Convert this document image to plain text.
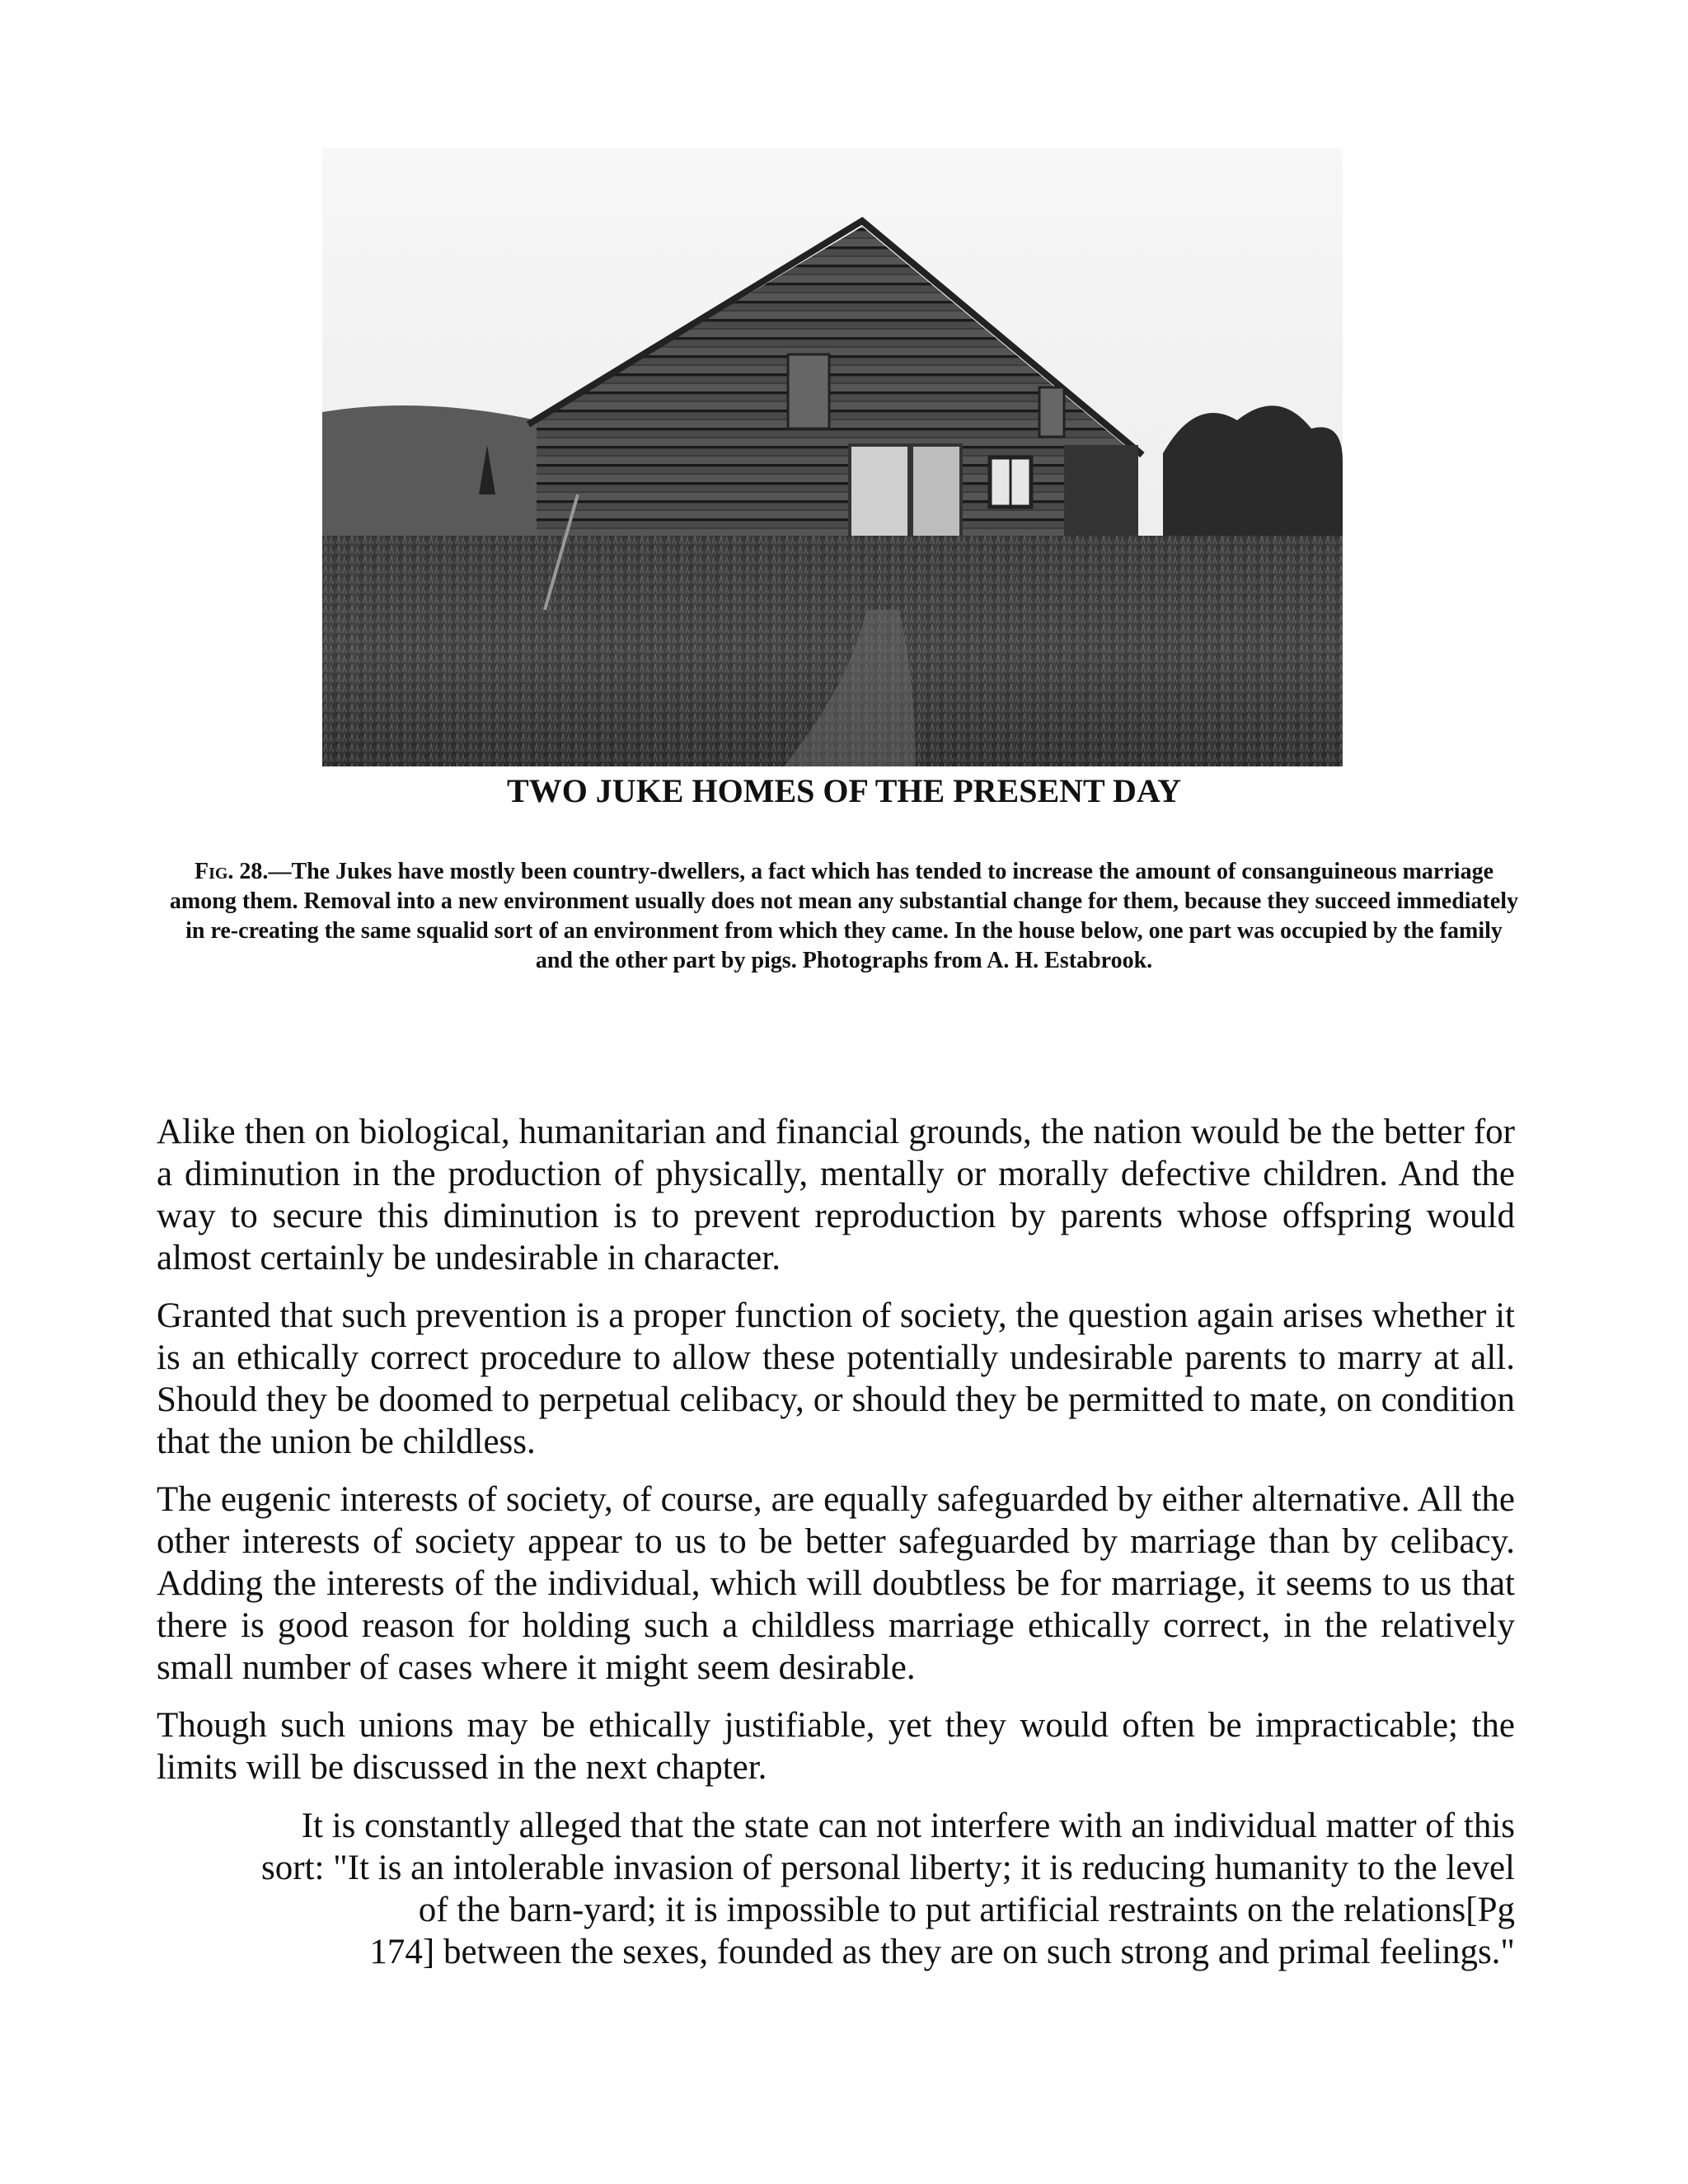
TWO JUKE HOMES OF THE PRESENT DAY

Fig. 28.—The Jukes have mostly been country-dwellers, a fact which has tended to increase the amount of consanguineous marriage among them. Removal into a new environment usually does not mean any substantial change for them, because they succeed immediately in re-creating the same squalid sort of an environment from which they came. In the house below, one part was occupied by the family and the other part by pigs. Photographs from A. H. Estabrook.

Alike then on biological, humanitarian and financial grounds, the nation would be the better for a diminution in the production of physically, mentally or morally defective children. And the way to secure this diminution is to prevent reproduction by parents whose offspring would almost certainly be undesirable in character.

Granted that such prevention is a proper function of society, the question again arises whether it is an ethically correct procedure to allow these potentially undesirable parents to marry at all. Should they be doomed to perpetual celibacy, or should they be permitted to mate, on condition that the union be childless.

The eugenic interests of society, of course, are equally safeguarded by either alternative. All the other interests of society appear to us to be better safeguarded by marriage than by celibacy. Adding the interests of the individual, which will doubtless be for marriage, it seems to us that there is good reason for holding such a childless marriage ethically correct, in the relatively small number of cases where it might seem desirable.

Though such unions may be ethically justifiable, yet they would often be impracticable; the limits will be discussed in the next chapter.

It is constantly alleged that the state can not interfere with an individual matter of this
sort: "It is an intolerable invasion of personal liberty; it is reducing humanity to the level
of the barn-yard; it is impossible to put artificial restraints on the relations[Pg
174] between the sexes, founded as they are on such strong and primal feelings."
